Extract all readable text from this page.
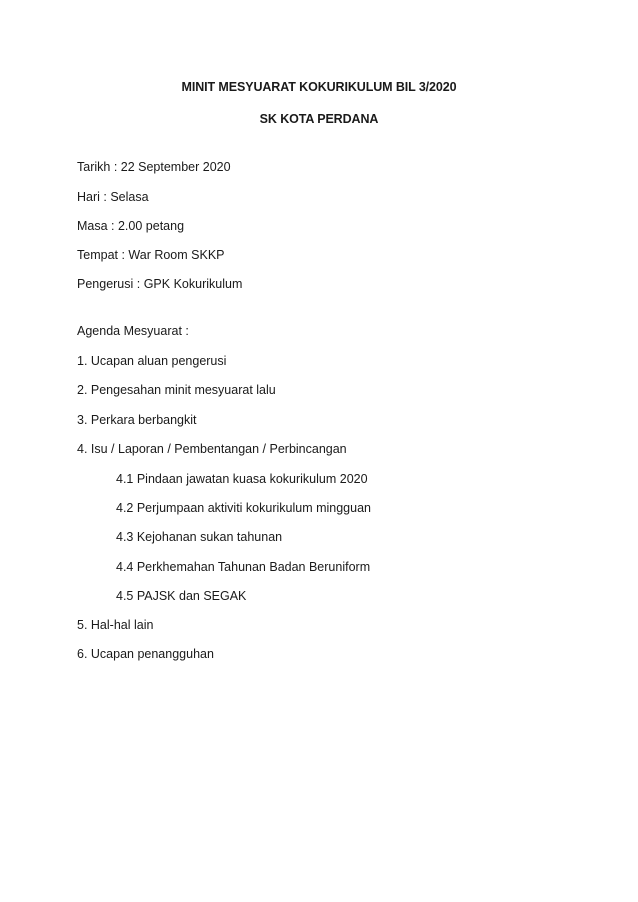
MINIT MESYUARAT KOKURIKULUM BIL 3/2020
SK KOTA PERDANA
Tarikh : 22 September 2020
Hari : Selasa
Masa : 2.00 petang
Tempat : War Room SKKP
Pengerusi : GPK Kokurikulum
Agenda Mesyuarat :
1. Ucapan aluan pengerusi
2. Pengesahan minit mesyuarat lalu
3. Perkara berbangkit
4. Isu / Laporan / Pembentangan / Perbincangan
4.1 Pindaan jawatan kuasa kokurikulum 2020
4.2 Perjumpaan aktiviti kokurikulum mingguan
4.3 Kejohanan sukan tahunan
4.4 Perkhemahan Tahunan Badan Beruniform
4.5 PAJSK dan SEGAK
5. Hal-hal lain
6. Ucapan penangguhan
